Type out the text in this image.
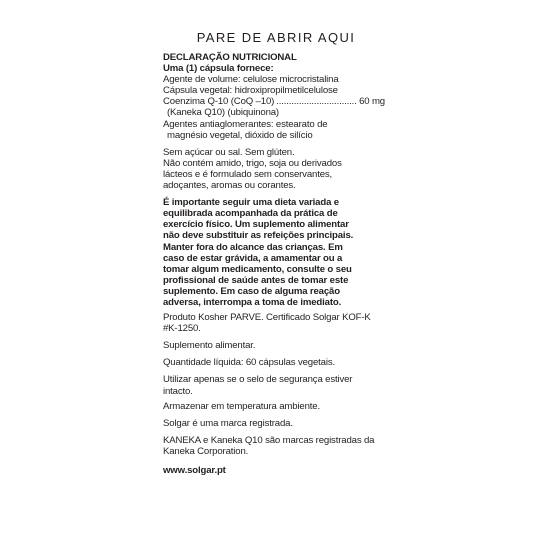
PARE DE ABRIR AQUI
DECLARAÇÃO NUTRICIONAL
Uma (1) cápsula fornece:
Agente de volume: celulose microcristalina
Cápsula vegetal: hidroxipropilmetilcelulose
Coenzima Q-10 (CoQ –10)
.....	60 mg
(Kaneka Q10) (ubiquinona)
Agentes antiaglomerantes: estearato de
magnésio vegetal, dióxido de silício
Sem açúcar ou sal. Sem glúten.
Não contém amido, trigo, soja ou derivados
lácteos e é formulado sem conservantes,
adoçantes, aromas ou corantes.
É importante seguir uma dieta variada e
equilibrada acompanhada da prática de
exercício físico. Um suplemento alimentar
não deve substituir as refeições principais.
Manter fora do alcance das crianças. Em
caso de estar grávida, a amamentar ou a
tomar algum medicamento, consulte o seu
profissional de saúde antes de tomar este
suplemento. Em caso de alguma reação
adversa, interrompa a toma de imediato.
Produto Kosher PARVE. Certificado Solgar KOF-K
#K-1250.
Suplemento alimentar.
Quantidade líquida: 60 cápsulas vegetais.
Utilizar apenas se o selo de segurança estiver
intacto.
Armazenar em temperatura ambiente.
Solgar é uma marca registrada.
KANEKA e Kaneka Q10 são marcas registradas da
Kaneka Corporation.
www.solgar.pt
